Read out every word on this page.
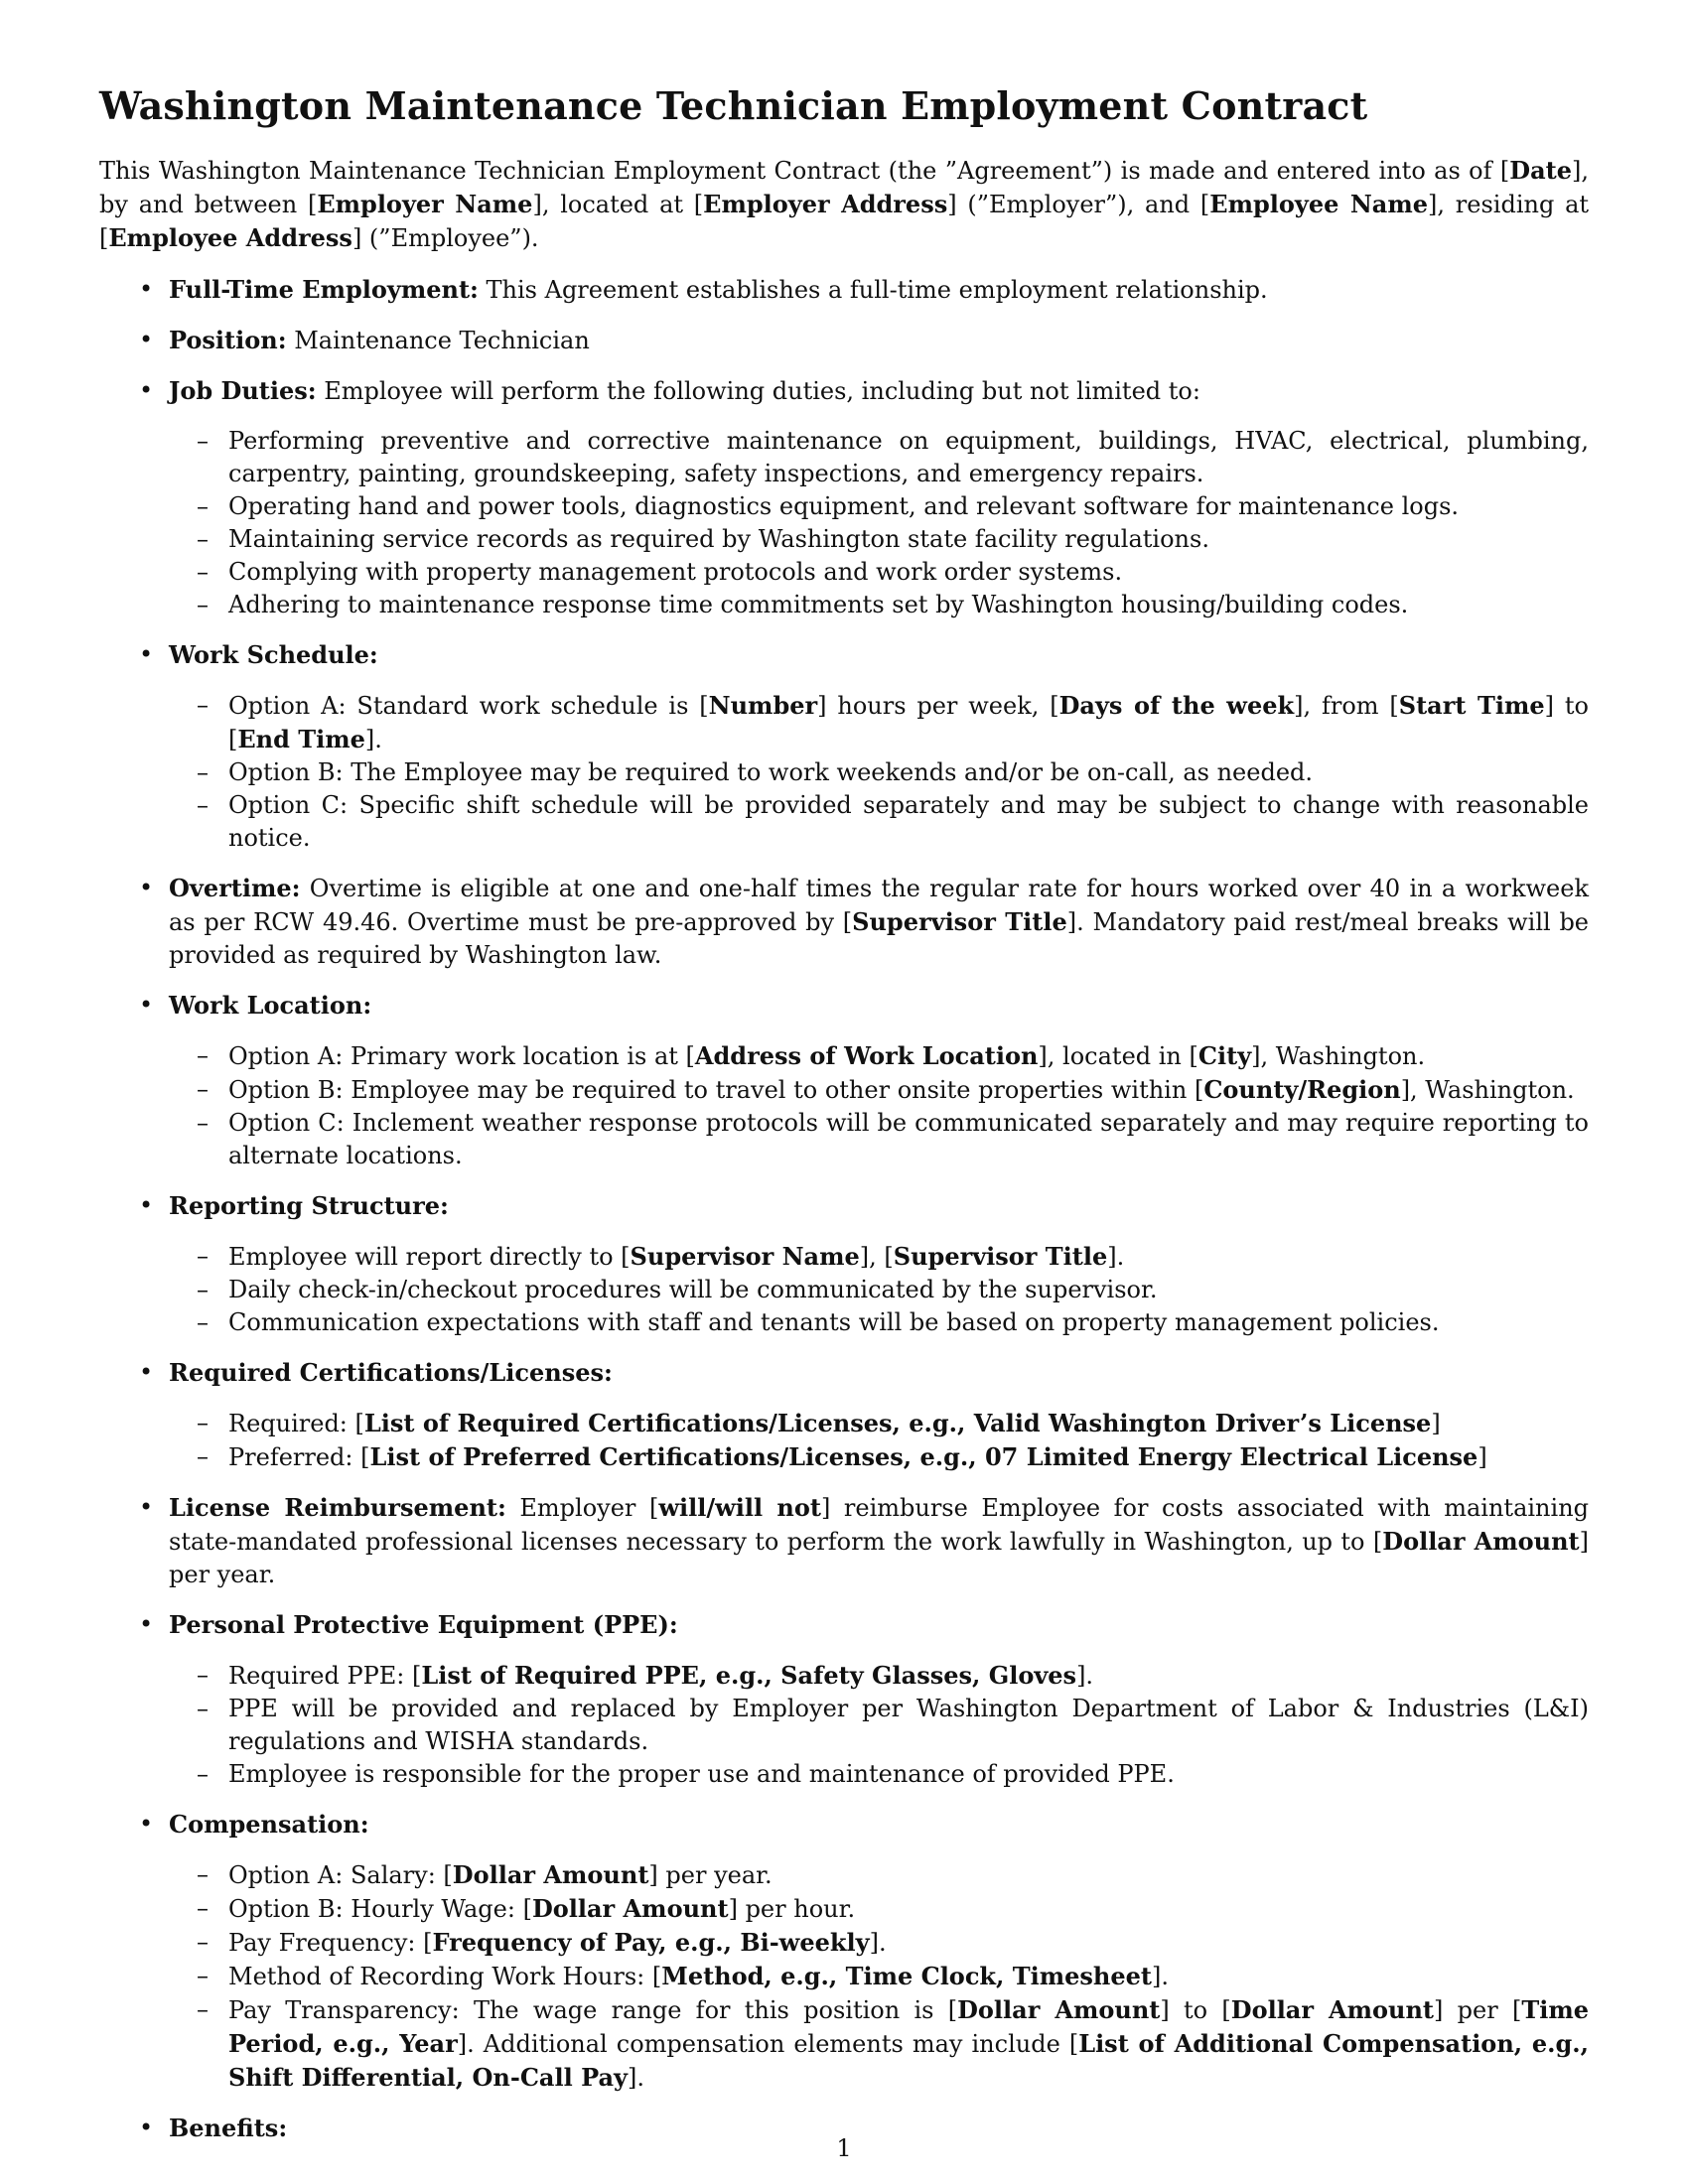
Washington Maintenance Technician Employment Contract

This Washington Maintenance Technician Employment Contract (the ”Agreement”) is made and entered into as of [Date], by and between [Employer Name], located at [Employer Address] (”Employer”), and [Employee Name], residing at [Employee Address] (”Employee”).

• Full-Time Employment: This Agreement establishes a full-time employment relationship.
• Position: Maintenance Technician
• Job Duties: Employee will perform the following duties, including but not limited to:
– Performing preventive and corrective maintenance on equipment, buildings, HVAC, electrical, plumbing, carpentry, painting, groundskeeping, safety inspections, and emergency repairs.
– Operating hand and power tools, diagnostics equipment, and relevant software for maintenance logs.
– Maintaining service records as required by Washington state facility regulations.
– Complying with property management protocols and work order systems.
– Adhering to maintenance response time commitments set by Washington housing/building codes.
• Work Schedule:
– Option A: Standard work schedule is [Number] hours per week, [Days of the week], from [Start Time] to [End Time].
– Option B: The Employee may be required to work weekends and/or be on-call, as needed.
– Option C: Specific shift schedule will be provided separately and may be subject to change with reasonable notice.
• Overtime: Overtime is eligible at one and one-half times the regular rate for hours worked over 40 in a workweek as per RCW 49.46. Overtime must be pre-approved by [Supervisor Title]. Mandatory paid rest/meal breaks will be provided as required by Washington law.
• Work Location:
– Option A: Primary work location is at [Address of Work Location], located in [City], Washington.
– Option B: Employee may be required to travel to other onsite properties within [County/Region], Washington.
– Option C: Inclement weather response protocols will be communicated separately and may require reporting to alternate locations.
• Reporting Structure:
– Employee will report directly to [Supervisor Name], [Supervisor Title].
– Daily check-in/checkout procedures will be communicated by the supervisor.
– Communication expectations with staff and tenants will be based on property management policies.
• Required Certifications/Licenses:
– Required: [List of Required Certifications/Licenses, e.g., Valid Washington Driver’s License]
– Preferred: [List of Preferred Certifications/Licenses, e.g., 07 Limited Energy Electrical License]
• License Reimbursement: Employer [will/will not] reimburse Employee for costs associated with maintaining state-mandated professional licenses necessary to perform the work lawfully in Washington, up to [Dollar Amount] per year.
• Personal Protective Equipment (PPE):
– Required PPE: [List of Required PPE, e.g., Safety Glasses, Gloves].
– PPE will be provided and replaced by Employer per Washington Department of Labor & Industries (L&I) regulations and WISHA standards.
– Employee is responsible for the proper use and maintenance of provided PPE.
• Compensation:
– Option A: Salary: [Dollar Amount] per year.
– Option B: Hourly Wage: [Dollar Amount] per hour.
– Pay Frequency: [Frequency of Pay, e.g., Bi-weekly].
– Method of Recording Work Hours: [Method, e.g., Time Clock, Timesheet].
– Pay Transparency: The wage range for this position is [Dollar Amount] to [Dollar Amount] per [Time Period, e.g., Year]. Additional compensation elements may include [List of Additional Compensation, e.g., Shift Differential, On-Call Pay].
• Benefits:
1
